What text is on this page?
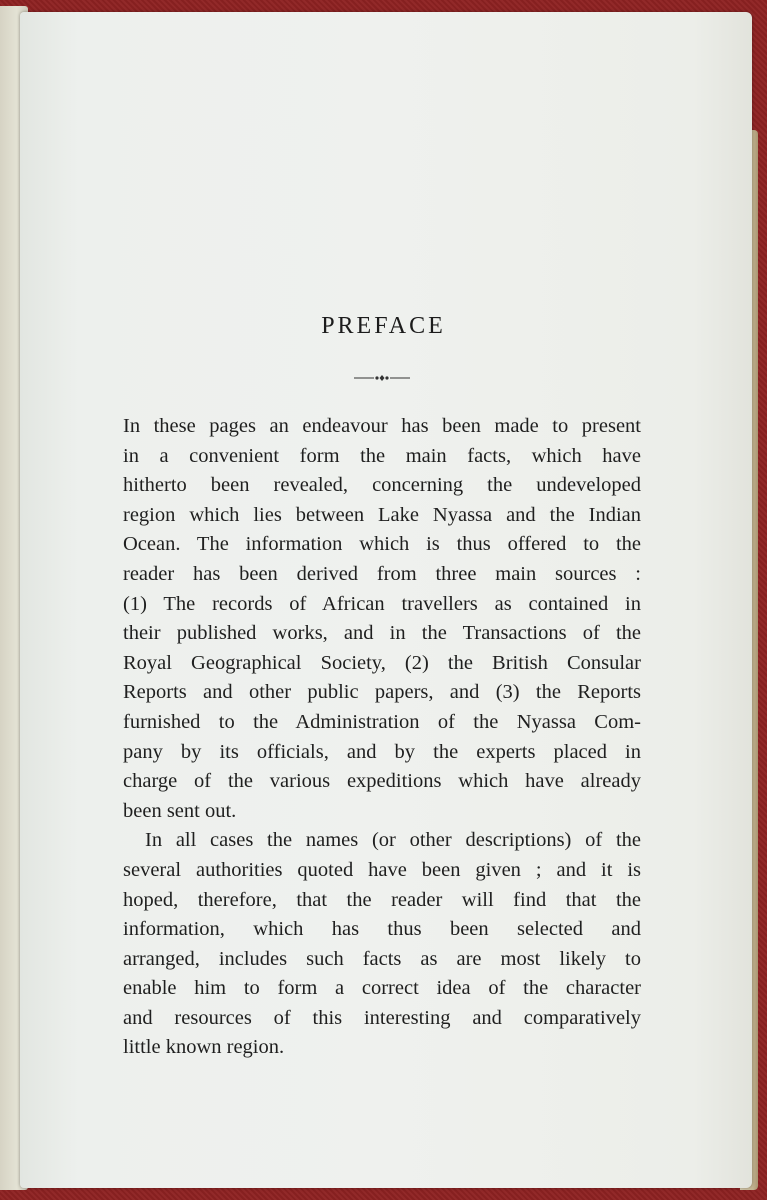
PREFACE
In these pages an endeavour has been made to present
in a convenient form the main facts, which have
hitherto been revealed, concerning the undeveloped
region which lies between Lake Nyassa and the Indian
Ocean. The information which is thus offered to the
reader has been derived from three main sources :
(1) The records of African travellers as contained in
their published works, and in the Transactions of the
Royal Geographical Society, (2) the British Consular
Reports and other public papers, and (3) the Reports
furnished to the Administration of the Nyassa Com-
pany by its officials, and by the experts placed in
charge of the various expeditions which have already
been sent out.
In all cases the names (or other descriptions) of the
several authorities quoted have been given ; and it is
hoped, therefore, that the reader will find that the
information, which has thus been selected and
arranged, includes such facts as are most likely to
enable him to form a correct idea of the character
and resources of this interesting and comparatively
little known region.
